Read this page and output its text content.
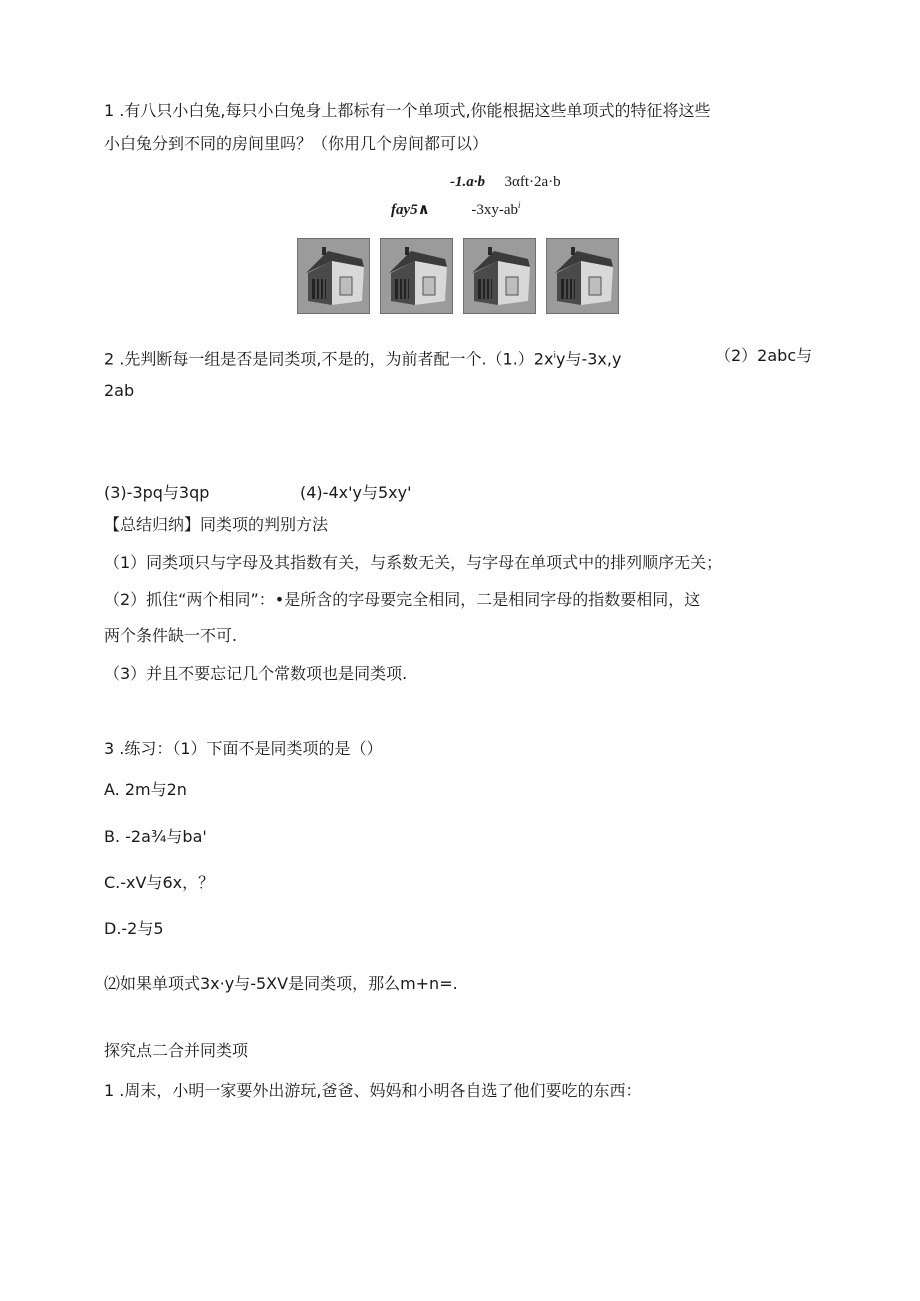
1 .有八只小白兔,每只小白兔身上都标有一个单项式,你能根据这些单项式的特征将这些
小白兔分到不同的房间里吗？（你用几个房间都可以）
-1.a·b 3αft·2a·b
fay5∧	$-3xy-ab^i$
2 .先判断每一组是否是同类项,不是的，为前者配一个$.(1.)2x^iy$与-3x,y	（2）2abc与
2ab
(3)-3pq与3qp	(4)-4x'y与5xy'
【总结归纳】同类项的判别方法
（1）同类项只与字母及其指数有关，与系数无关，与字母在单项式中的排列顺序无关；
（2）抓住“两个相同”：•是所含的字母要完全相同，二是相同字母的指数要相同，这
两个条件缺一不可.
（3）并且不要忘记几个常数项也是同类项.
3 .练习：（1）下面不是同类项的是（）
A. 2m与2n
B. -2a¾与ba'
C.-xV与6x，？
D.-2与5
⑵如果单项式3x·y与-5XV是同类项，那么m+n=.
探究点二合并同类项
1 .周末，小明一家要外出游玩,爸爸、妈妈和小明各自选了他们要吃的东西：
